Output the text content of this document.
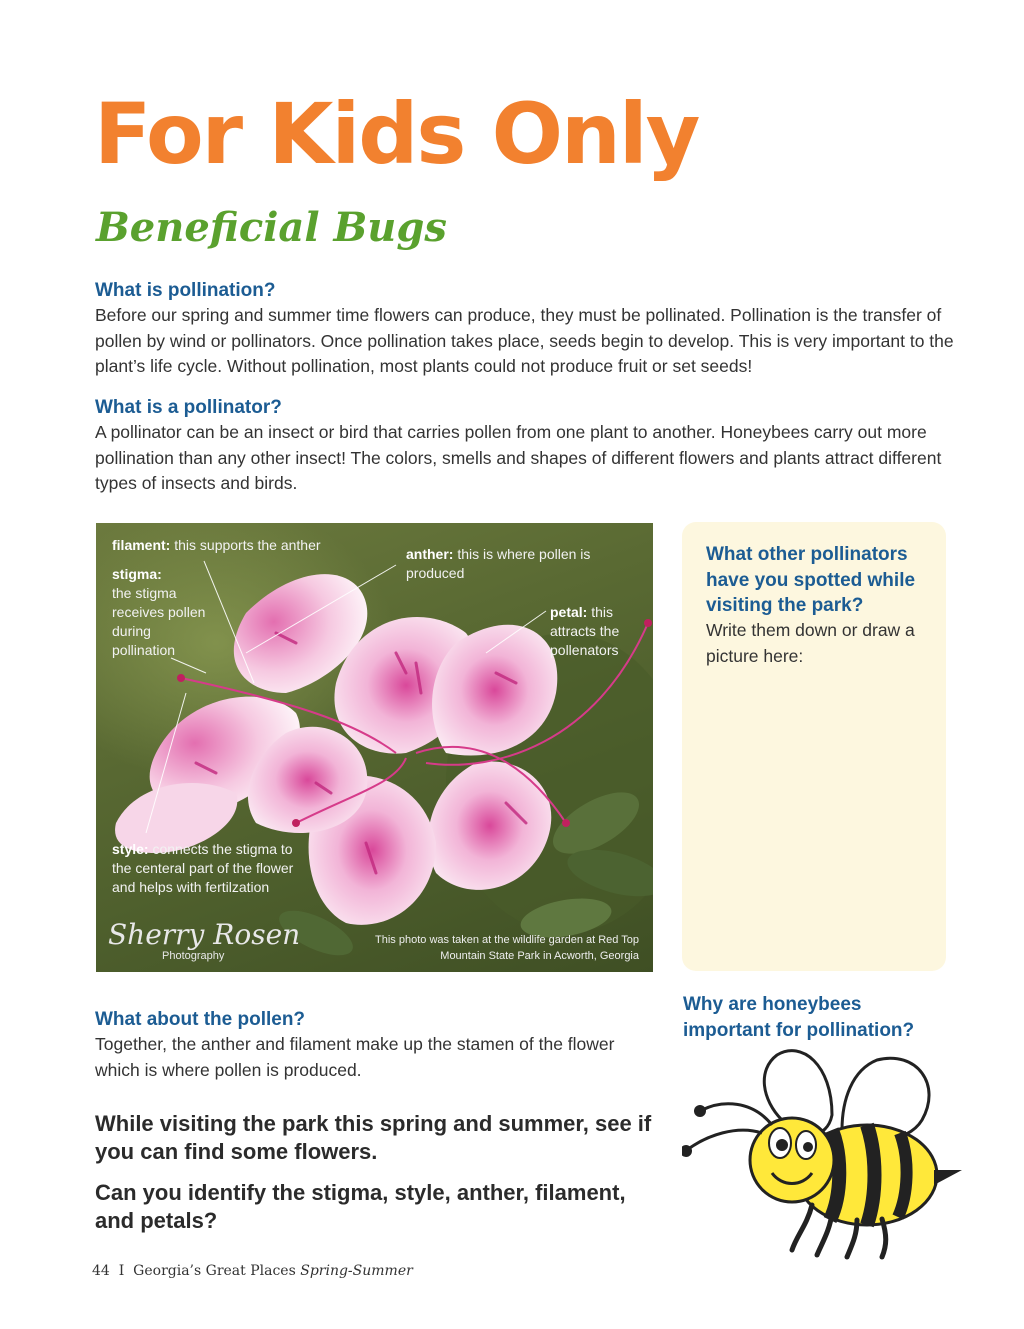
For Kids Only
Beneficial Bugs

What is pollination?

Before our spring and summer time flowers can produce, they must be pollinated. Pollination is the transfer of pollen by wind or pollinators. Once pollination takes place, seeds begin to develop. This is very important to the plant’s life cycle. Without pollination, most plants could not produce fruit or set seeds!

What is a pollinator?

A pollinator can be an insect or bird that carries pollen from one plant to another. Honeybees carry out more pollination than any other insect! The colors, smells and shapes of different flowers and plants attract different types of insects and birds.

filament: this supports the anther
stigma:
the stigma receives pollen during pollination
anther: this is where pollen is produced
petal: this attracts the pollenators
style: connects the stigma to the centeral part of the flower and helps with fertilzation
Sherry Rosen
Photography
This photo was taken at the wildlife garden at Red Top Mountain State Park in Acworth, Georgia
What other pollinators have you spotted while visiting the park?
Write them down or draw a picture here:

What about the pollen?

Together, the anther and filament make up the stamen of the flower which is where pollen is produced.

While visiting the park this spring and summer, see if you can find some flowers.

Can you identify the stigma, style, anther, filament, and petals?

Why are honeybees important for pollination?
44 I Georgia’s Great Places Spring-Summer
